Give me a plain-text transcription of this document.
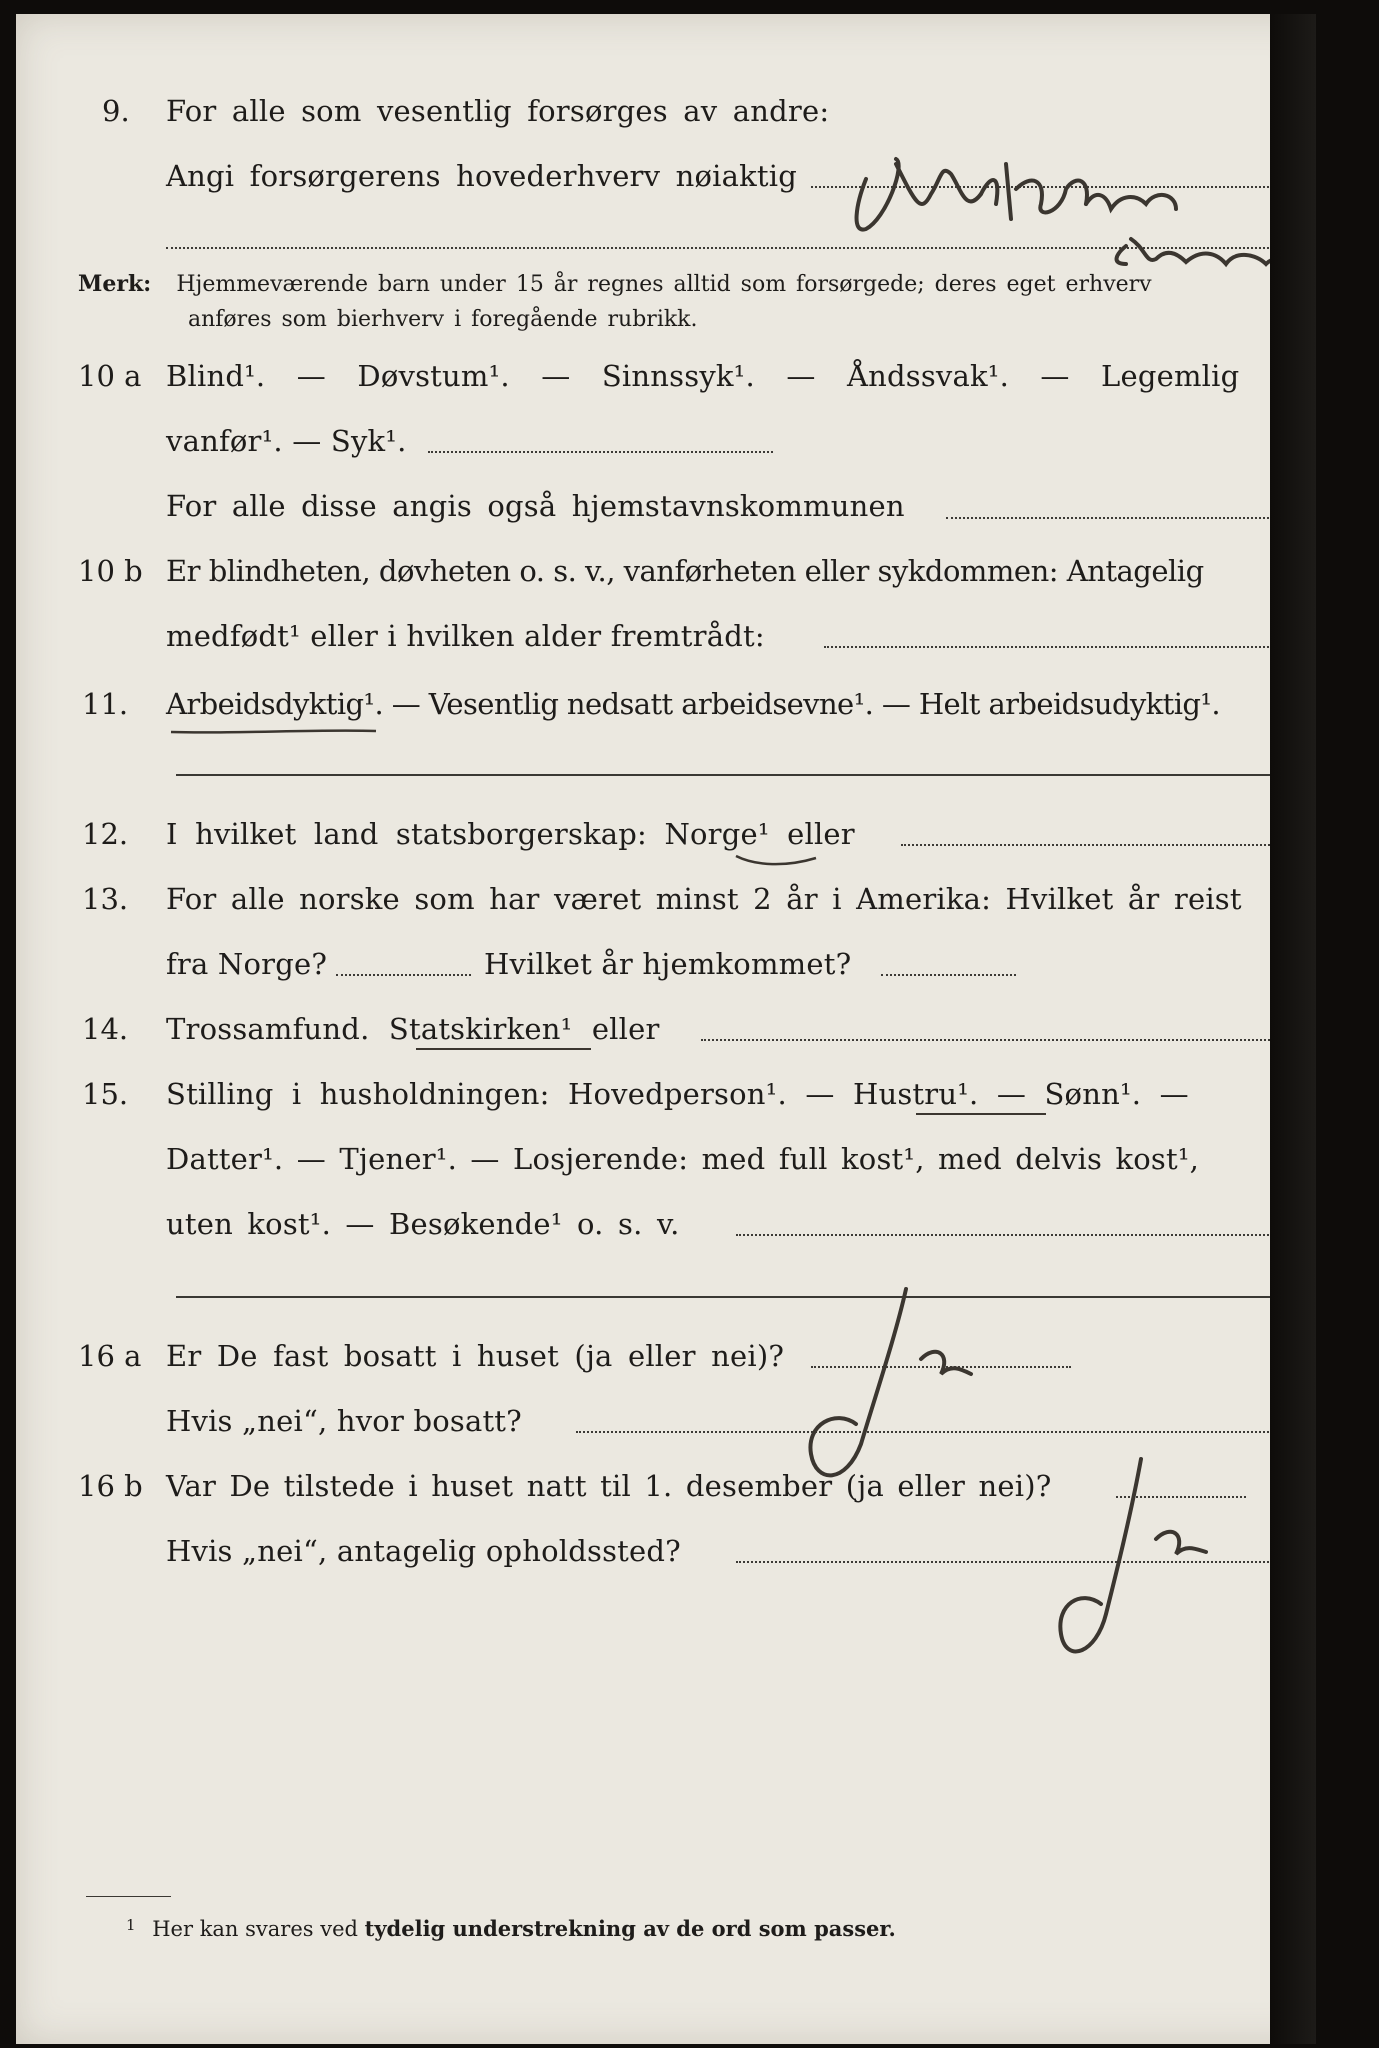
9. For alle som vesentlig forsørges av andre:
Angi forsørgerens hovederhverv nøiaktig
Merk: Hjemmeværende barn under 15 år regnes alltid som forsørgede; deres eget erhverv
anføres som bierhverv i foregående rubrikk.
10 a Blind¹. — Døvstum¹. — Sinnssyk¹. — Åndssvak¹. — Legemlig
vanfør¹. — Syk¹.
For alle disse angis også hjemstavnskommunen
10 b Er blindheten, døvheten o. s. v., vanførheten eller sykdommen: Antagelig
medfødt¹ eller i hvilken alder fremtrådt:
11. Arbeidsdyktig¹. — Vesentlig nedsatt arbeidsevne¹. — Helt arbeidsudyktig¹.
12. I hvilket land statsborgerskap: Norge¹ eller
13. For alle norske som har været minst 2 år i Amerika: Hvilket år reist
fra Norge?	Hvilket år hjemkommet?
14. Trossamfund. Statskirken¹ eller
15. Stilling i husholdningen: Hovedperson¹. — Hustru¹. — Sønn¹. —
Datter¹. — Tjener¹. — Losjerende: med full kost¹, med delvis kost¹,
uten kost¹. — Besøkende¹ o. s. v.
16 a Er De fast bosatt i huset (ja eller nei)?
Hvis „nei“, hvor bosatt?
16 b Var De tilstede i huset natt til 1. desember (ja eller nei)?
Hvis „nei“, antagelig opholdssted?
$^1$ Her kan svares ved tydelig understrekning av de ord som passer.
